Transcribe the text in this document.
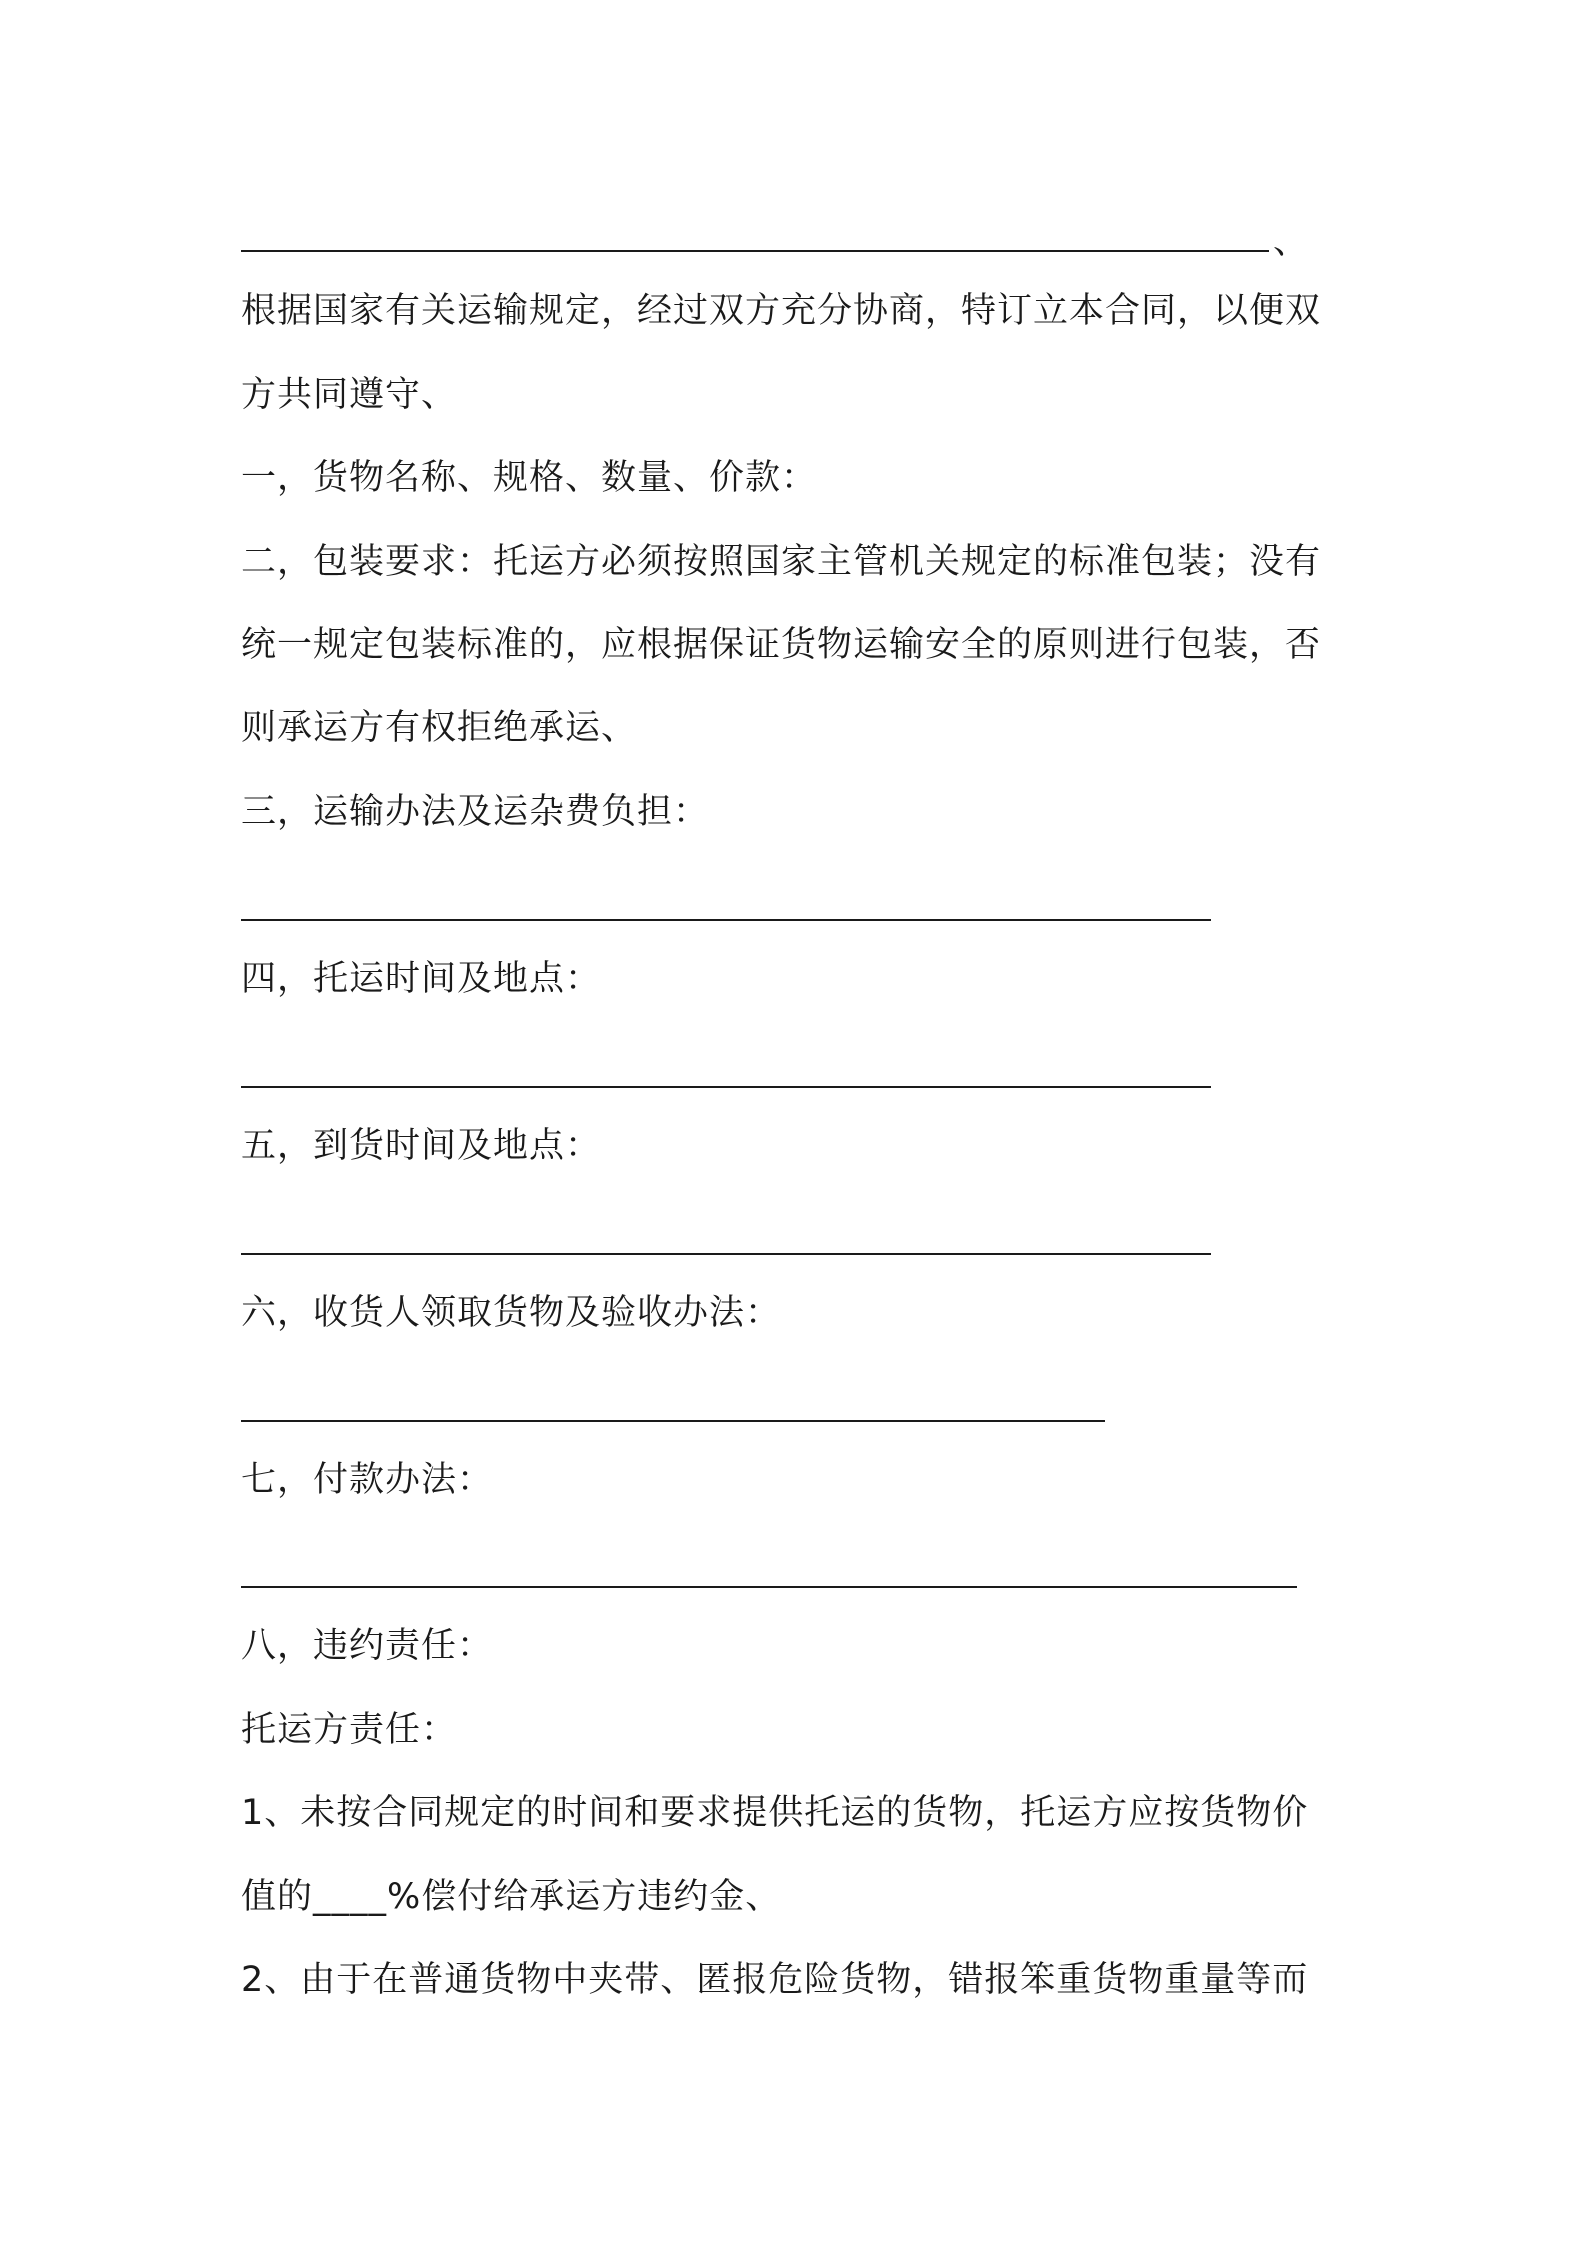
、
根据国家有关运输规定，经过双方充分协商，特订立本合同，以便双
方共同遵守、
一，货物名称、规格、数量、价款：
二，包装要求：托运方必须按照国家主管机关规定的标准包装；没有
统一规定包装标准的，应根据保证货物运输安全的原则进行包装，否
则承运方有权拒绝承运、
三，运输办法及运杂费负担：
四，托运时间及地点：
五，到货时间及地点：
六，收货人领取货物及验收办法：
七，付款办法：
八，违约责任：
托运方责任：
1、未按合同规定的时间和要求提供托运的货物，托运方应按货物价
值的____%偿付给承运方违约金、
2、由于在普通货物中夹带、匿报危险货物，错报笨重货物重量等而
